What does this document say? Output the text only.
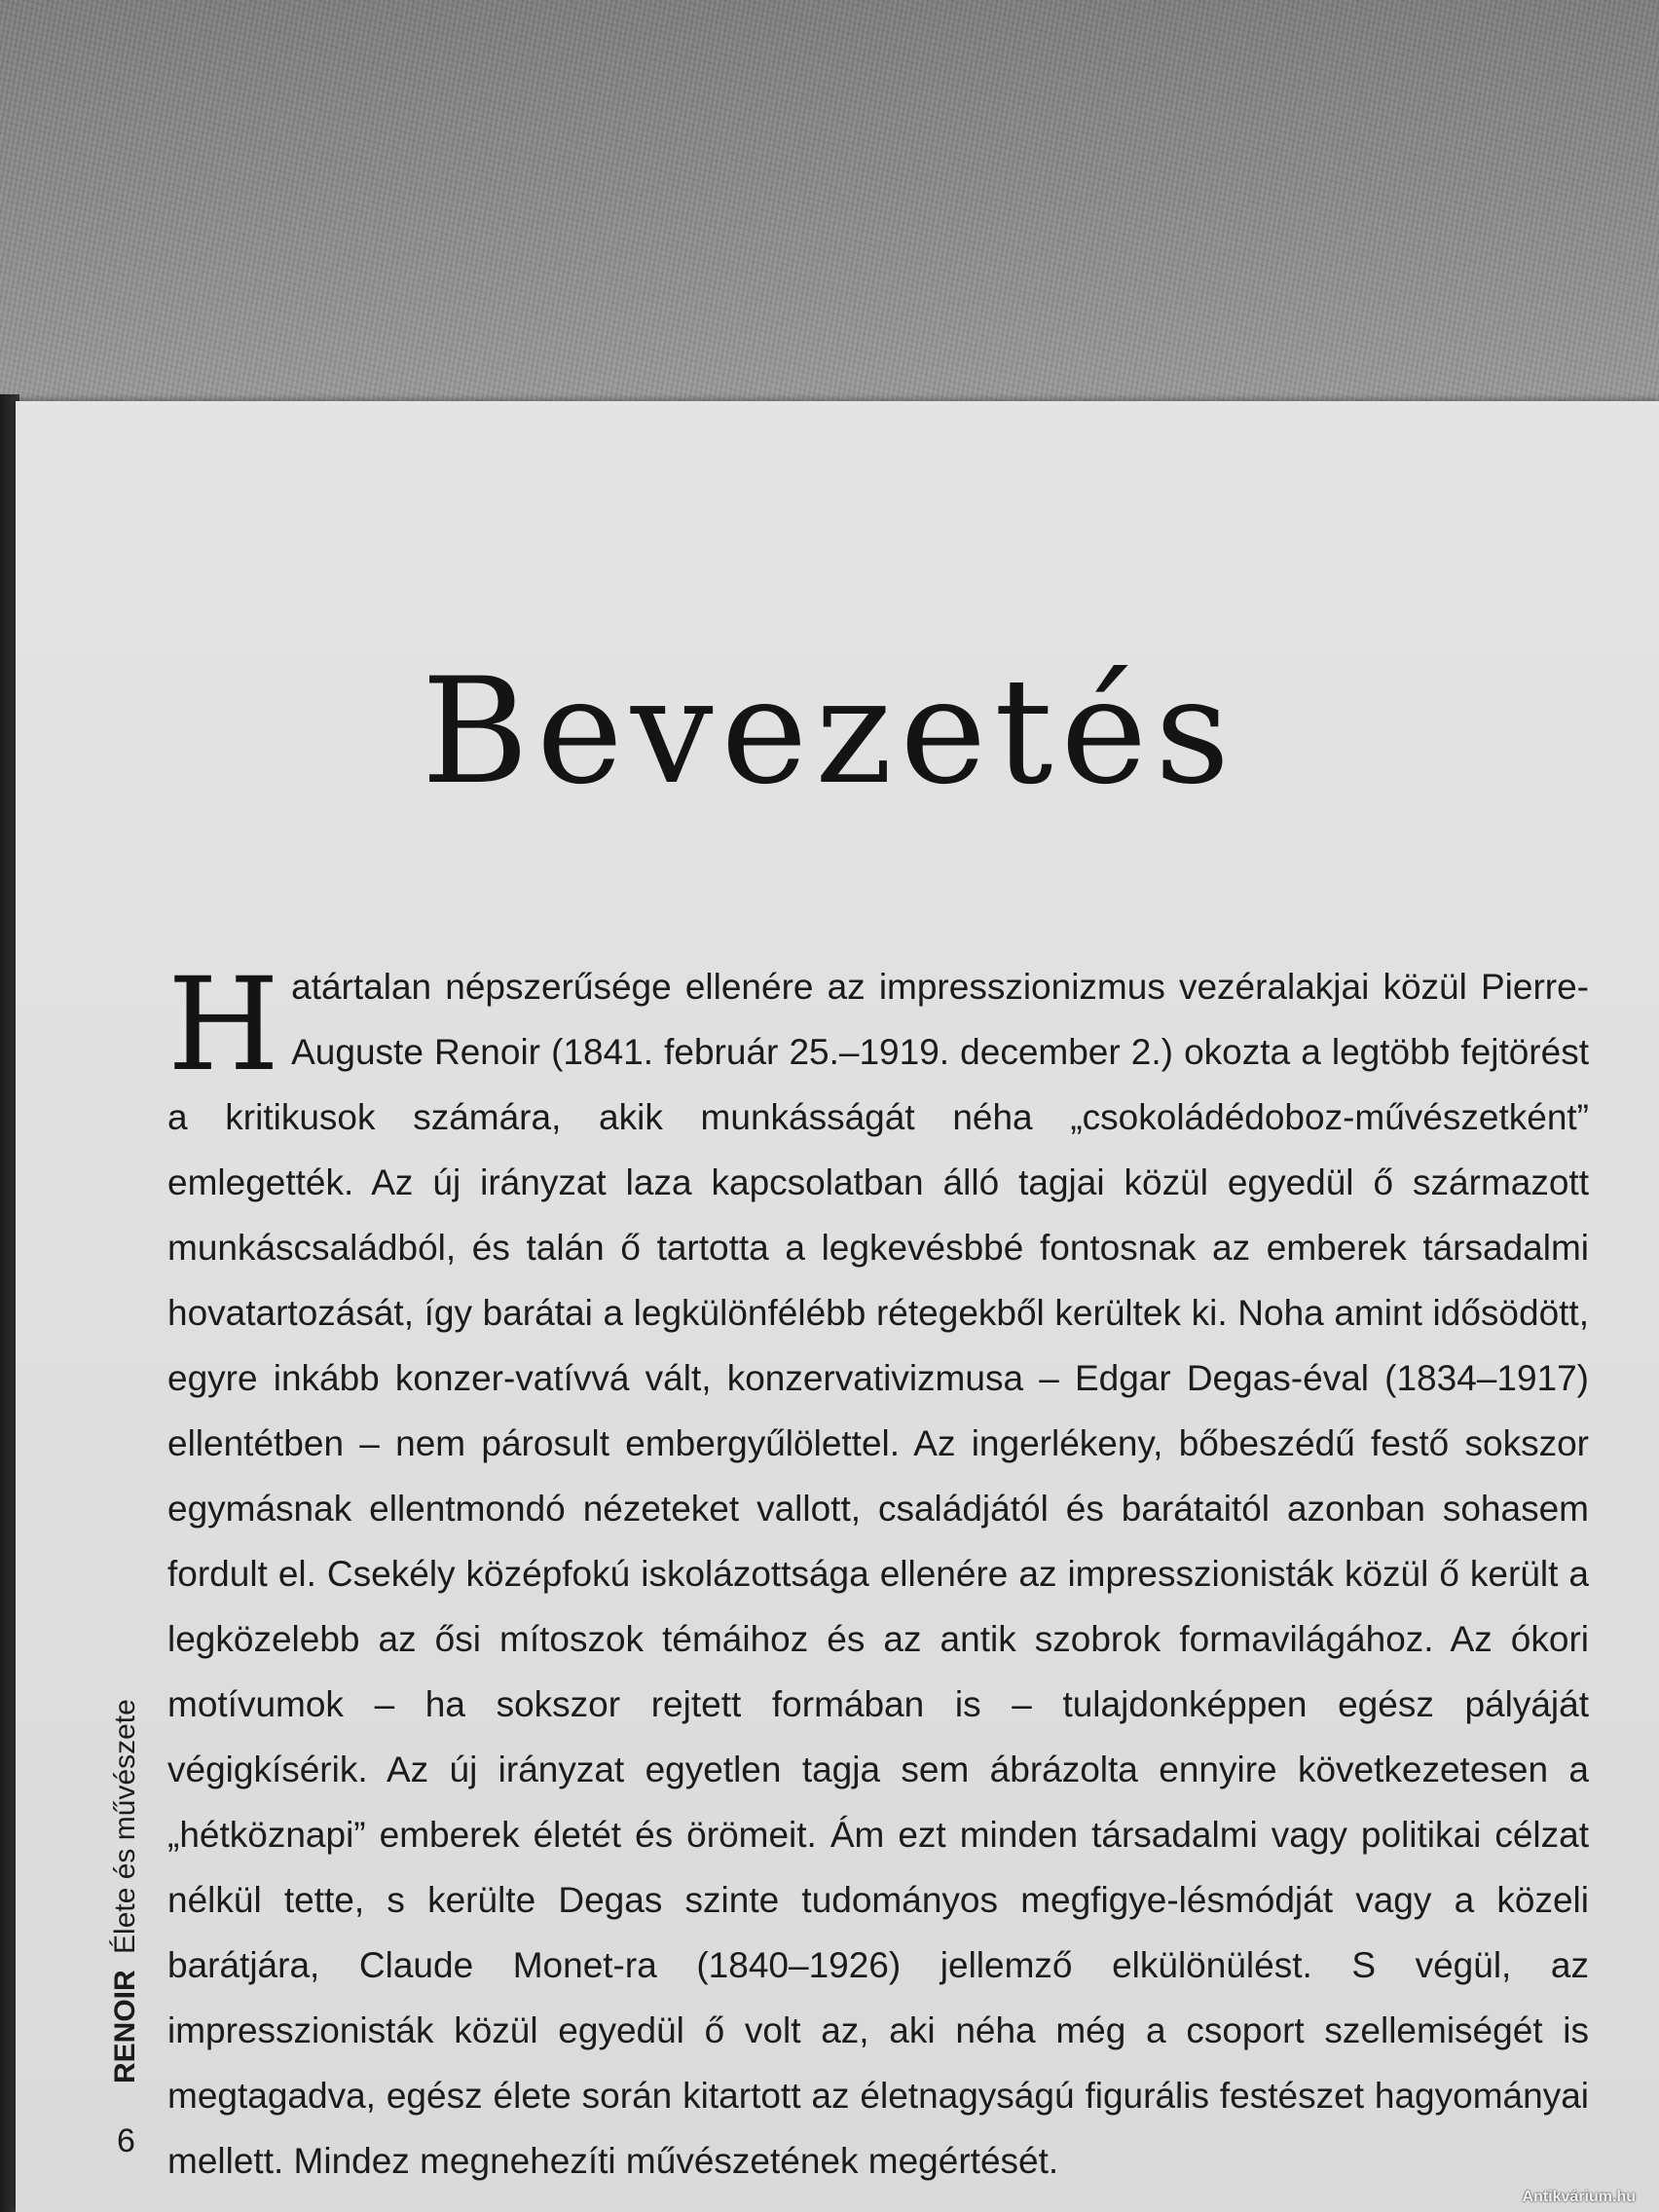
Bevezetés
H atártalan népszerűsége ellenére az impresszionizmus vezéralakjai közül Pierre-Auguste Renoir (1841. február 25.–1919. december 2.) okozta a legtöbb fejtörést a kritikusok számára, akik munkásságát néha „csokoládédoboz-művészetként” emlegették. Az új irányzat laza kapcsolatban álló tagjai közül egyedül ő származott munkáscsaládból, és talán ő tartotta a legkevésbbé fontosnak az emberek társadalmi hovatartozását, így barátai a legkülönfélébb rétegekből kerültek ki. Noha amint idősödött, egyre inkább konzer-vatívvá vált, konzervativizmusa – Edgar Degas-éval (1834–1917) ellentétben – nem párosult embergyűlölettel. Az ingerlékeny, bőbeszédű festő sokszor egymásnak ellentmondó nézeteket vallott, családjától és barátaitól azonban sohasem fordult el. Csekély középfokú iskolázottsága ellenére az impresszionisták közül ő került a legközelebb az ősi mítoszok témáihoz és az antik szobrok formavilágához. Az ókori motívumok – ha sokszor rejtett formában is – tulajdonképpen egész pályáját végigkísérik. Az új irányzat egyetlen tagja sem ábrázolta ennyire következetesen a „hétköznapi” emberek életét és örömeit. Ám ezt minden társadalmi vagy politikai célzat nélkül tette, s kerülte Degas szinte tudományos megfigye-lésmódját vagy a közeli barátjára, Claude Monet-ra (1840–1926) jellemző elkülönülést. S végül, az impresszionisták közül egyedül ő volt az, aki néha még a csoport szellemiségét is megtagadva, egész élete során kitartott az életnagyságú figurális festészet hagyományai mellett. Mindez megnehezíti művészetének megértését.
RENOIR Élete és művészete
6
Antikvárium.hu
